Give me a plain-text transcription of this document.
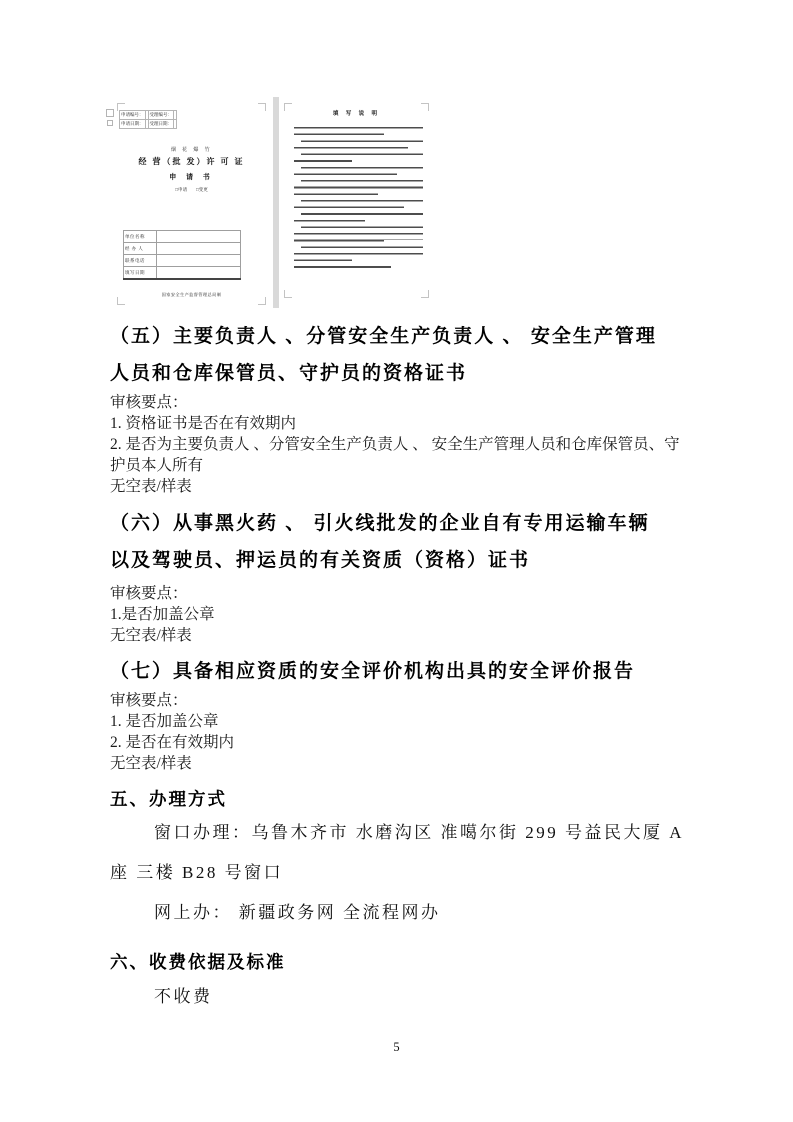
申请编号：		受理编号：	
申请日期：		受理日期：	
烟 花 爆 竹
经 营（批 发）许 可 证
申 请 书
□申请 □变更
单位名称	
经 办 人	
联系电话	
填写日期	
国家安全生产监督管理总局制
填 写 说 明
（五）主要负责人 、分管安全生产负责人 、 安全生产管理
人员和仓库保管员、守护员的资格证书
审核要点：
1. 资格证书是否在有效期内
2. 是否为主要负责人 、分管安全生产负责人 、 安全生产管理人员和仓库保管员、守护员本人所有
无空表/样表
（六）从事黑火药 、 引火线批发的企业自有专用运输车辆
以及驾驶员、押运员的有关资质（资格）证书
审核要点：
1.是否加盖公章
无空表/样表
（七）具备相应资质的安全评价机构出具的安全评价报告
审核要点：
1. 是否加盖公章
2. 是否在有效期内
无空表/样表
五、办理方式
窗口办理：乌鲁木齐市 水磨沟区 准噶尔街 299 号益民大厦 A 座 三楼 B28 号窗口
网上办： 新疆政务网 全流程网办
六、收费依据及标准
不收费
5
